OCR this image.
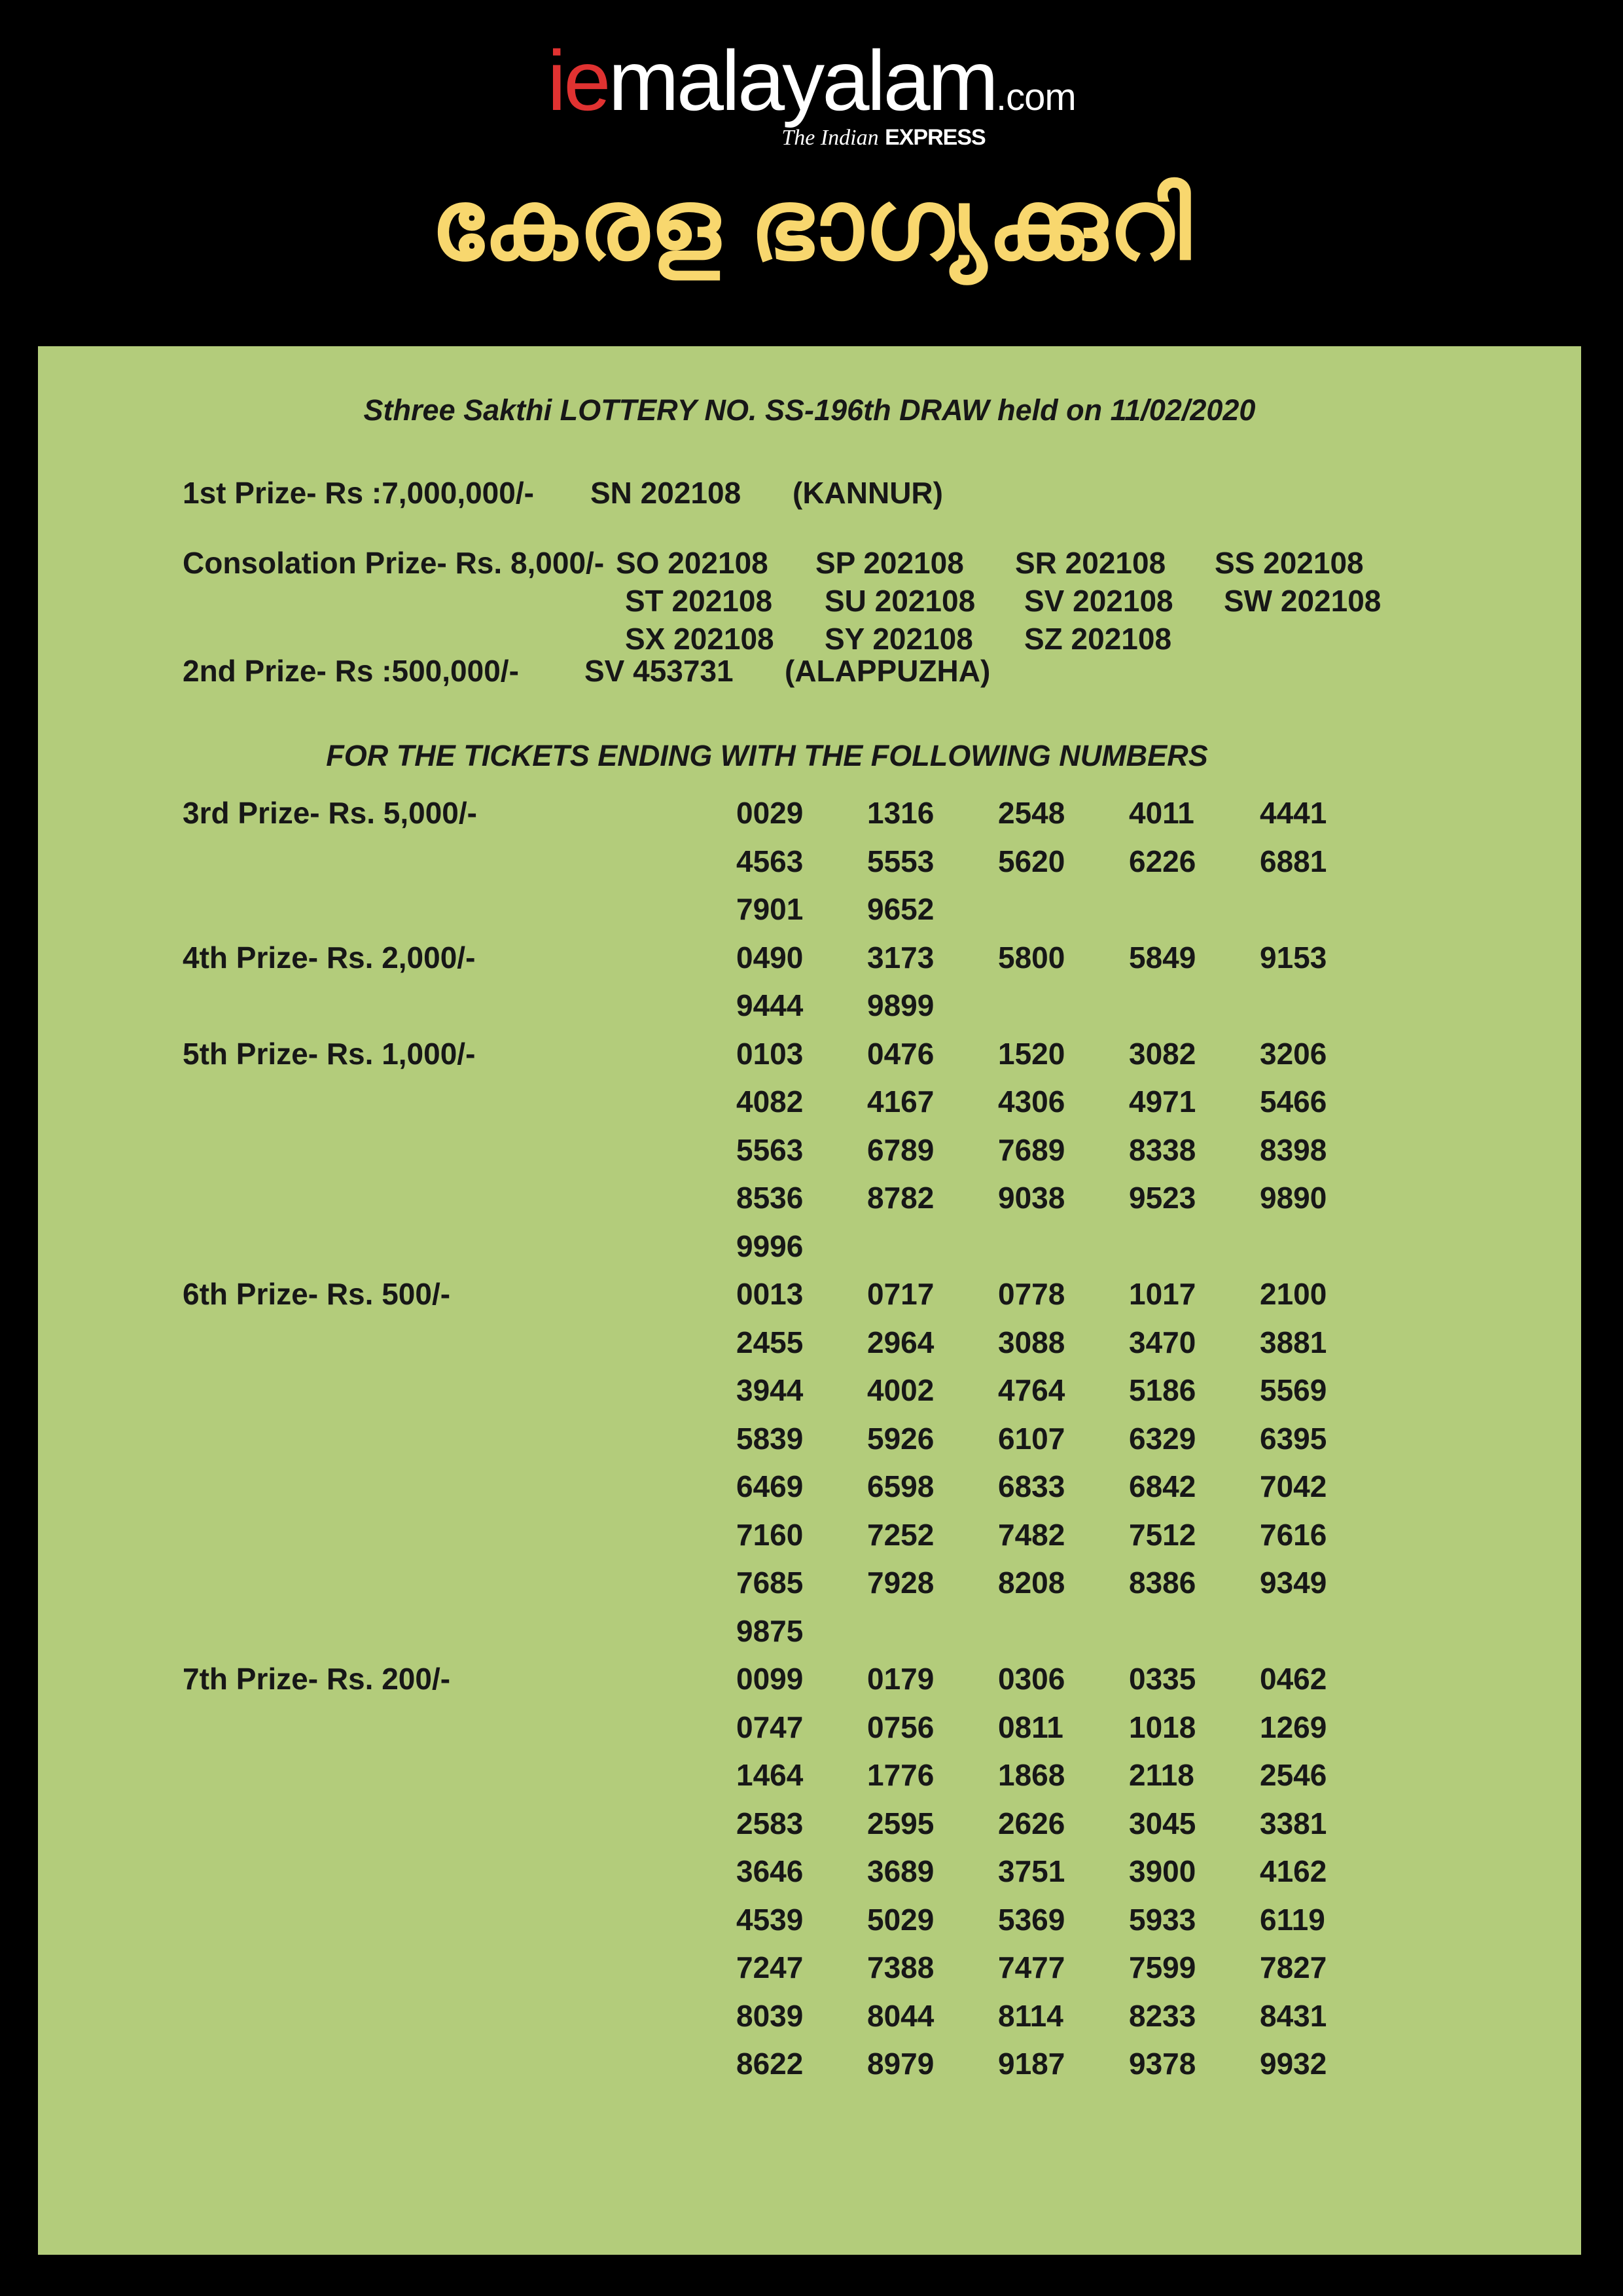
iemalayalam.com
The Indian EXPRESS
കേരള ഭാഗ്യക്കുറി
Sthree Sakthi LOTTERY NO. SS-196th DRAW held on 11/02/2020
1st Prize- Rs :7,000,000/- SN 202108 (KANNUR)
Consolation Prize- Rs. 8,000/- SO 202108 SP 202108 SR 202108 SS 202108
ST 202108 SU 202108 SV 202108 SW 202108
SX 202108 SY 202108 SZ 202108
2nd Prize- Rs :500,000/- SV 453731 (ALAPPUZHA)
FOR THE TICKETS ENDING WITH THE FOLLOWING NUMBERS
3rd Prize- Rs. 5,000/-	0029 1316 2548 4011 4441
4563 5553 5620 6226 6881
7901 9652
4th Prize- Rs. 2,000/-	0490 3173 5800 5849 9153
9444 9899
5th Prize- Rs. 1,000/-	0103 0476 1520 3082 3206
4082 4167 4306 4971 5466
5563 6789 7689 8338 8398
8536 8782 9038 9523 9890
9996
6th Prize- Rs. 500/-	0013 0717 0778 1017 2100
2455 2964 3088 3470 3881
3944 4002 4764 5186 5569
5839 5926 6107 6329 6395
6469 6598 6833 6842 7042
7160 7252 7482 7512 7616
7685 7928 8208 8386 9349
9875
7th Prize- Rs. 200/-	0099 0179 0306 0335 0462
0747 0756 0811 1018 1269
1464 1776 1868 2118 2546
2583 2595 2626 3045 3381
3646 3689 3751 3900 4162
4539 5029 5369 5933 6119
7247 7388 7477 7599 7827
8039 8044 8114 8233 8431
8622 8979 9187 9378 9932
